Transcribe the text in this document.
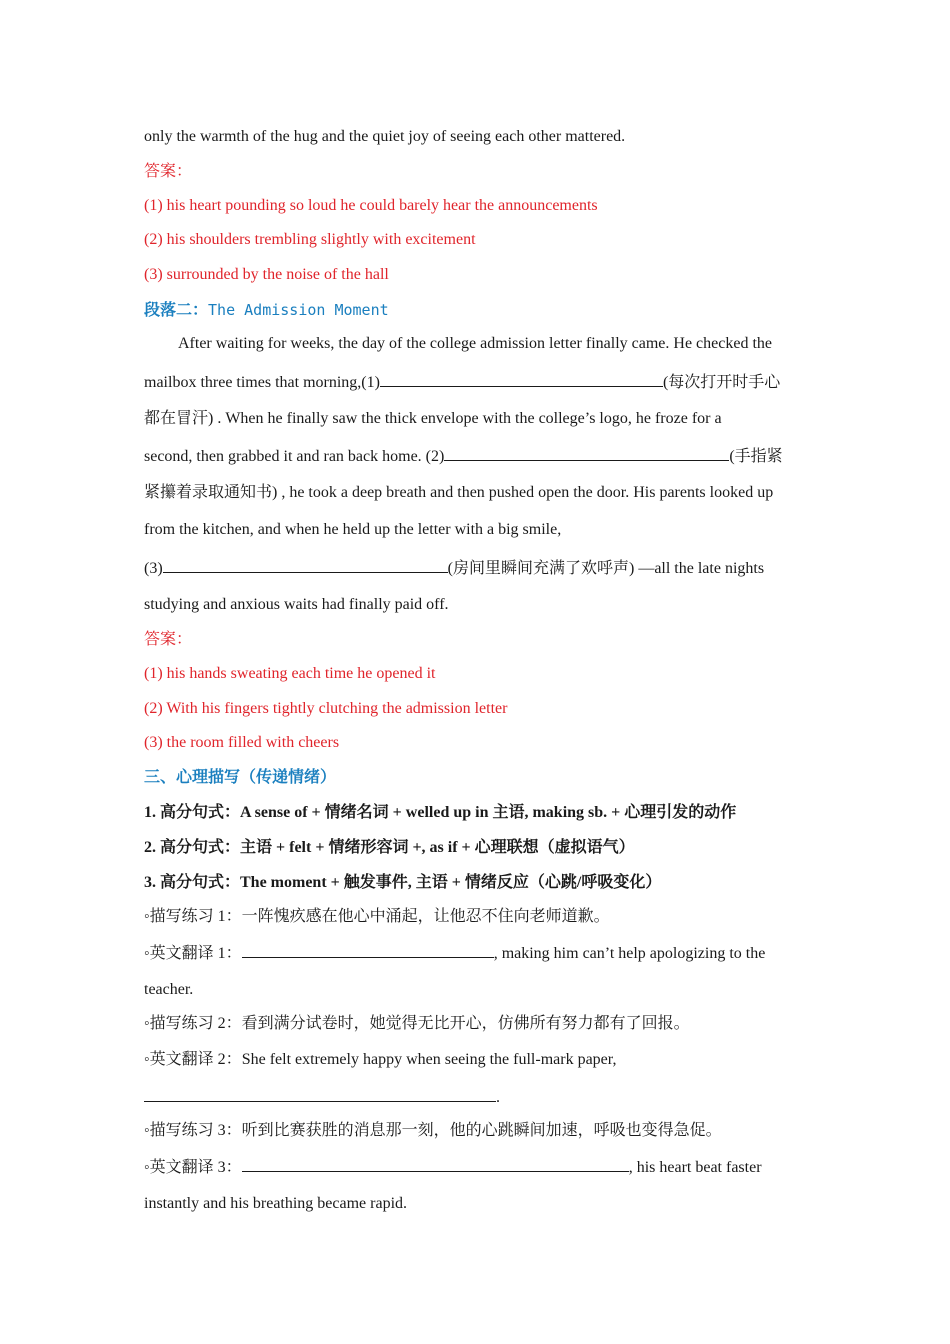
only the warmth of the hug and the quiet joy of seeing each other mattered.
答案：
(1) his heart pounding so loud he could barely hear the announcements
(2) his shoulders trembling slightly with excitement
(3) surrounded by the noise of the hall
段落二：The Admission Moment
After waiting for weeks, the day of the college admission letter finally came. He checked the
mailbox three times that morning,(1)	(每次打开时手心
都在冒汗) . When he finally saw the thick envelope with the college’s logo, he froze for a
second, then grabbed it and ran back home. (2)	(手指紧
紧攥着录取通知书) , he took a deep breath and then pushed open the door. His parents looked up
from the kitchen, and when he held up the letter with a big smile,
(3)	(房间里瞬间充满了欢呼声) —all the late nights
studying and anxious waits had finally paid off.
答案：
(1) his hands sweating each time he opened it
(2) With his fingers tightly clutching the admission letter
(3) the room filled with cheers
三、心理描写（传递情绪）
1. 高分句式：A sense of + 情绪名词 + welled up in 主语, making sb. + 心理引发的动作
2. 高分句式：主语 + felt + 情绪形容词 +, as if + 心理联想（虚拟语气）
3. 高分句式：The moment + 触发事件, 主语 + 情绪反应（心跳/呼吸变化）
◦描写练习 1：一阵愧疚感在他心中涌起，让他忍不住向老师道歉。
◦英文翻译 1：	, making him can’t help apologizing to the
teacher.
◦描写练习 2：看到满分试卷时，她觉得无比开心，仿佛所有努力都有了回报。
◦英文翻译 2：She felt extremely happy when seeing the full-mark paper,
.
◦描写练习 3：听到比赛获胜的消息那一刻，他的心跳瞬间加速，呼吸也变得急促。
◦英文翻译 3：	, his heart beat faster
instantly and his breathing became rapid.
